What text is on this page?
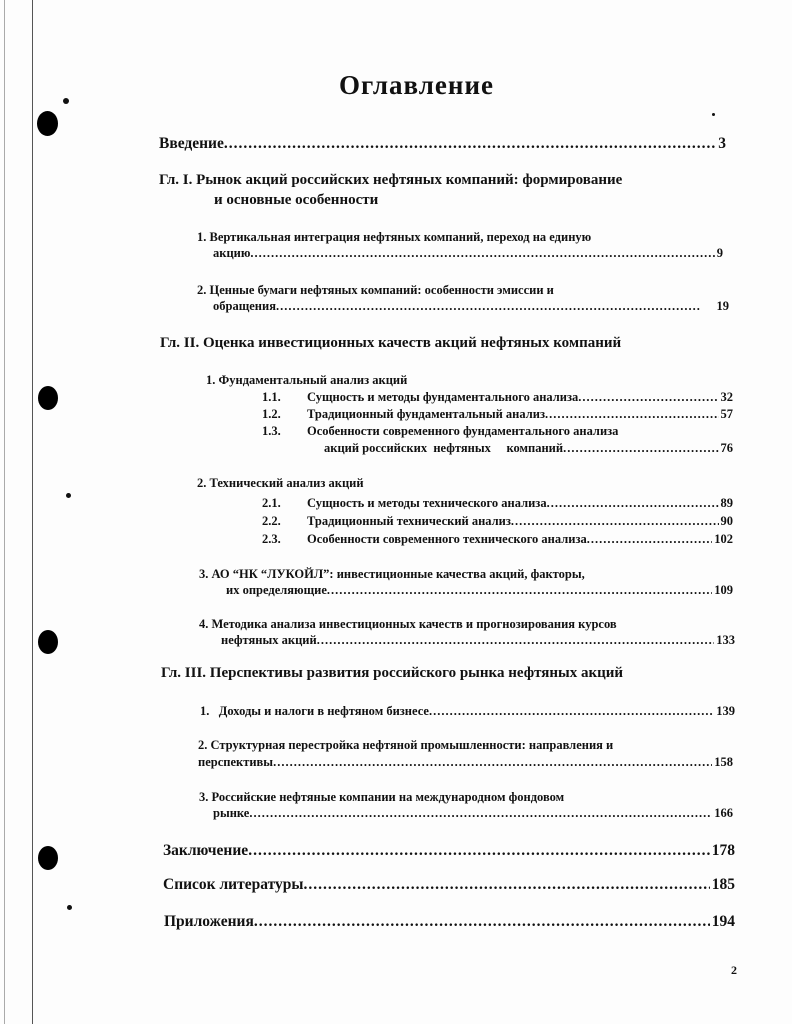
Оглавление
Введение .....	3
Гл. I. Рынок акций российских нефтяных компаний: формирование
и основные особенности
1. Вертикальная интеграция нефтяных компаний, переход на единую
акцию .....	9
2. Ценные бумаги нефтяных компаний: особенности эмиссии и
обращения .....	19
Гл. II. Оценка инвестиционных качеств акций нефтяных компаний
1. Фундаментальный анализ акций
1.1. Сущность и методы фундаментального анализа .....	32
1.2. Традиционный фундаментальный анализ .....	57
1.3. Особенности современного фундаментального анализа
акций российских  нефтяных     компаний .....	76
2. Технический анализ акций
2.1. Сущность и методы технического анализа .....	89
2.2. Традиционный технический анализ .....	90
2.3. Особенности современного технического анализа .....	102
3. АО “НК “ЛУКОЙЛ”: инвестиционные качества акций, факторы,
их определяющие .....	109
4. Методика анализа инвестиционных качеств и прогнозирования курсов
нефтяных акций .....	133
Гл. III. Перспективы развития российского рынка нефтяных акций
1.   Доходы и налоги в нефтяном бизнесе .....	139
2. Структурная перестройка нефтяной промышленности: направления и
перспективы .....	158
3. Российские нефтяные компании на международном фондовом
рынке .....	166
Заключение .....	178
Список литературы .....	185
Приложения .....	194
2
